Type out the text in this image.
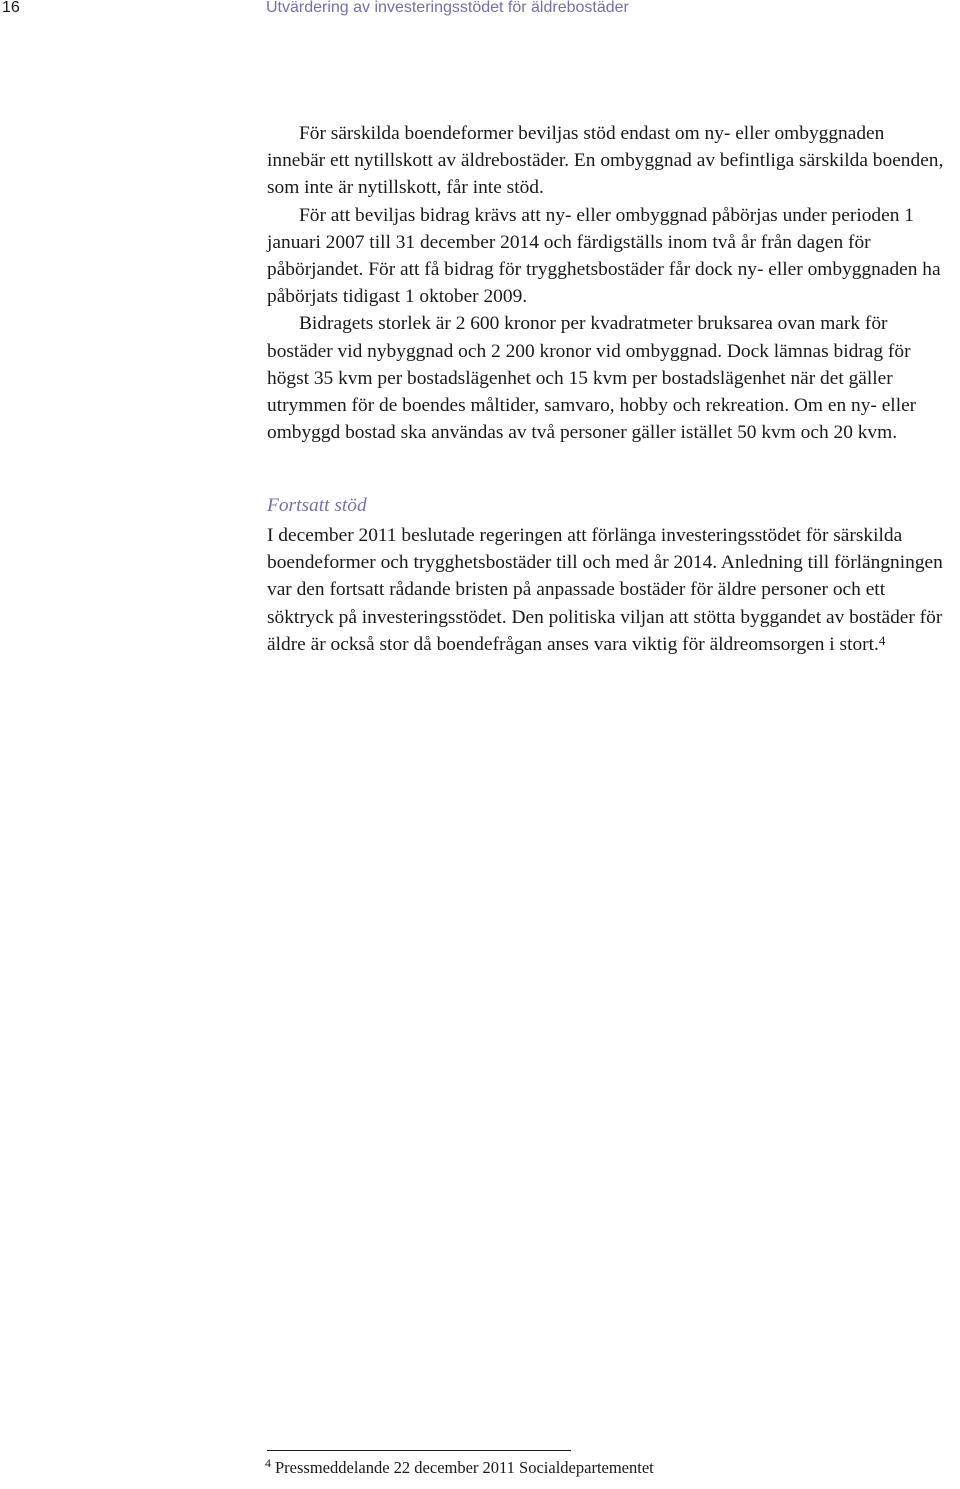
16	Utvärdering av investeringsstödet för äldrebostäder

För särskilda boendeformer beviljas stöd endast om ny- eller ombyggnaden innebär ett nytillskott av äldrebostäder. En ombyggnad av befintliga särskilda boenden, som inte är nytillskott, får inte stöd.

För att beviljas bidrag krävs att ny- eller ombyggnad påbörjas under perioden 1 januari 2007 till 31 december 2014 och färdigställs inom två år från dagen för påbörjandet. För att få bidrag för trygghetsbostäder får dock ny- eller ombyggnaden ha påbörjats tidigast 1 oktober 2009.

Bidragets storlek är 2 600 kronor per kvadratmeter bruksarea ovan mark för bostäder vid nybyggnad och 2 200 kronor vid ombyggnad. Dock lämnas bidrag för högst 35 kvm per bostadslägenhet och 15 kvm per bostadslägenhet när det gäller utrymmen för de boendes måltider, samvaro, hobby och rekreation. Om en ny- eller ombyggd bostad ska användas av två personer gäller istället 50 kvm och 20 kvm.

Fortsatt stöd

I december 2011 beslutade regeringen att förlänga investeringsstödet för särskilda boendeformer och trygghetsbostäder till och med år 2014. Anledning till förlängningen var den fortsatt rådande bristen på anpassade bostäder för äldre personer och ett söktryck på investeringsstödet. Den politiska viljan att stötta byggandet av bostäder för äldre är också stor då boendefrågan anses vara viktig för äldreomsorgen i stort.$^4$

$^4$ Pressmeddelande 22 december 2011 Socialdepartementet
